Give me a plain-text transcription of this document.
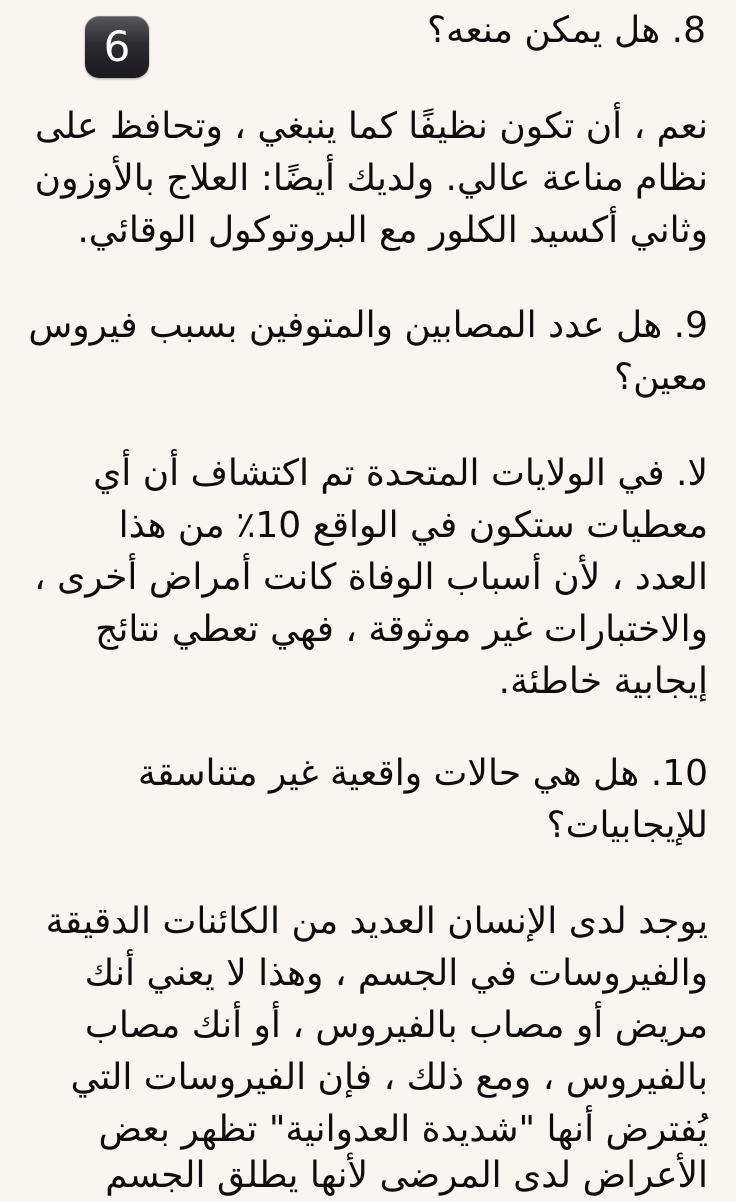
6	8. هل يمكن منعه؟
نعم ، أن تكون نظيفًا كما ينبغي ، وتحافظ على
نظام مناعة عالي. ولديك أيضًا: العلاج بالأوزون
وثاني أكسيد الكلور مع البروتوكول الوقائي.
9. هل عدد المصابين والمتوفين بسبب فيروس
معين؟
لا. في الولايات المتحدة تم اكتشاف أن أي
معطيات ستكون في الواقع 10٪ من هذا
العدد ، لأن أسباب الوفاة كانت أمراض أخرى ،
والاختبارات غير موثوقة ، فهي تعطي نتائج
إيجابية خاطئة.
10. هل هي حالات واقعية غير متناسقة
للإيجابيات؟
يوجد لدى الإنسان العديد من الكائنات الدقيقة
والفيروسات في الجسم ، وهذا لا يعني أنك
مريض أو مصاب بالفيروس ، أو أنك مصاب
بالفيروس ، ومع ذلك ، فإن الفيروسات التي
يُفترض أنها "شديدة العدوانية" تظهر بعض
الأعراض لدى المرضى لأنها يطلق الجسم
